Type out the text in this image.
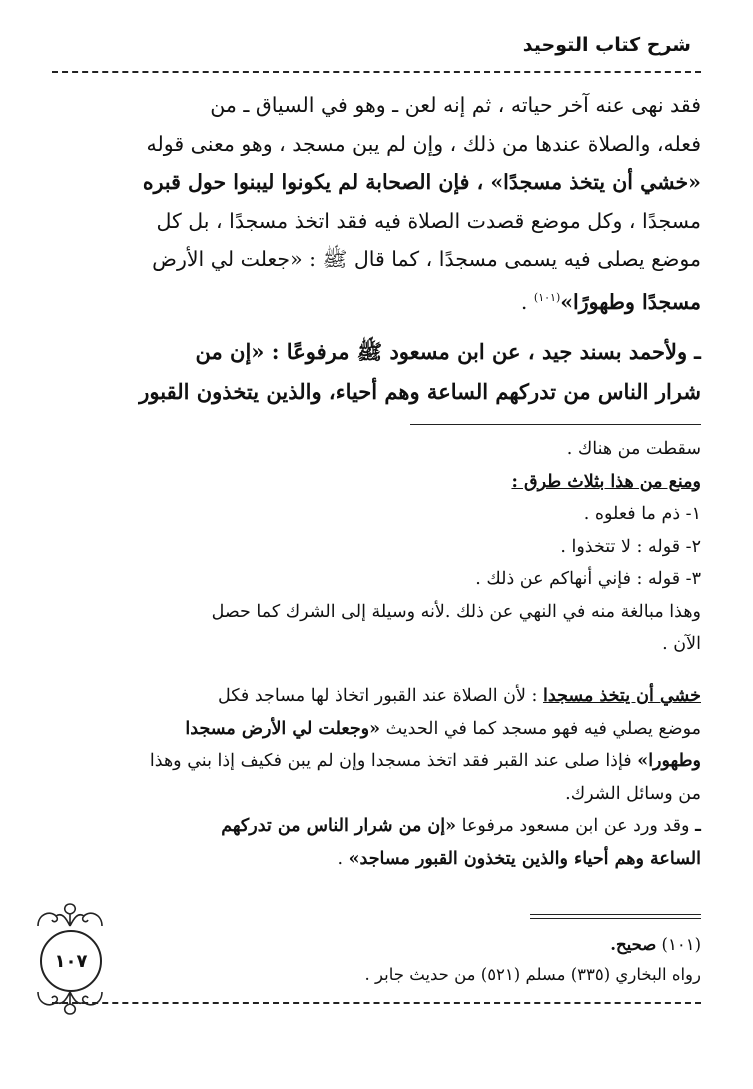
شرح كتاب التوحيد
فقد نهى عنه آخر حياته ، ثم إنه لعن ـ وهو في السياق ـ من
فعله، والصلاة عندها من ذلك ، وإن لم يبن مسجد ، وهو معنى قوله
«خشي أن يتخذ مسجدًا» ، فإن الصحابة لم يكونوا ليبنوا حول قبره
مسجدًا ، وكل موضع قصدت الصلاة فيه فقد اتخذ مسجدًا ، بل كل
موضع يصلى فيه يسمى مسجدًا ، كما قال ﷺ : «جعلت لي الأرض
مسجدًا وطهورًا»$^{(١٠١)}$ .
ـ ولأحمد بسند جيد ، عن ابن مسعود ﷺ مرفوعًا : «إن من
شرار الناس من تدركهم الساعة وهم أحياء، والذين يتخذون القبور
سقطت من هناك .
ومنع من هذا بثلاث طرق :
١- ذم ما فعلوه .
٢- قوله : لا تتخذوا .
٣- قوله : فإني أنهاكم عن ذلك .
وهذا مبالغة منه في النهي عن ذلك .لأنه وسيلة إلى الشرك كما حصل
الآن .
خشي أن يتخذ مسجدا : لأن الصلاة عند القبور اتخاذ لها مساجد فكل
موضع يصلي فيه فهو مسجد كما في الحديث «وجعلت لي الأرض مسجدا
وطهورا» فإذا صلى عند القبر فقد اتخذ مسجدا وإن لم يبن فكيف إذا بني وهذا
من وسائل الشرك.
ـ وقد ورد عن ابن مسعود مرفوعا «إن من شرار الناس من تدركهم
الساعة وهم أحياء والذين يتخذون القبور مساجد» .
(١٠١) صحيح.
رواه البخاري (٣٣٥) مسلم (٥٢١) من حديث جابر .
١٠٧
